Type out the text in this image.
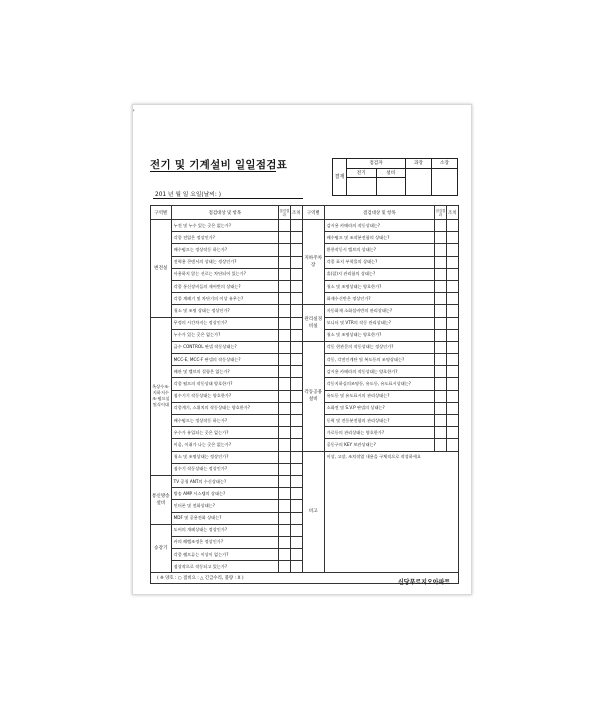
'
전기 및 기계설비 일일점검표
201 년 월 일 요일(날씨: )
결재	점검자		과장	소장
	전기	설비		

구역별	점검대상 및 항목	점검결과	조치	구역별	점검대상 및 항목	점검결과	조치
변전실	누전 및 누수 있는 곳은 없는가?			지하주차장	감시용 카메라의 작동상태는?		
	각종 전압은 정상인가?				배수펌프 및 조작분전함의 상태는?		
	배수펌프는 정상작동 하는가?				환풍작동시 밸브의 상태는?		
	전력용 콘덴서의 상태는 정상인가?				각종 표지 부착물의 상태는?		
	사용하지 않는 선로는 차단되어 있는가?				휴(잡)지 관리함의 상태는?		
	각종 통신장비들의 제어반의 상태는?				청소 및 조명상태는 양호한가?		
	각종 계폐기 및 차단기의 이상 유무는?				화재수신반은 정상인가?		
	청소 및 조명 상태는 정상인가?			관리실경비실	자동화재 소화설비반의 관리상태는?		
옥상수조·지하저수조·펌프실및식이대	무정의 시간차지는 정상인가?				모니터 및 VTR의 작동 관리상태는?		
	누수가 있는 곳은 없는가?				청소 및 조명상태는 양호한가?		
	급수 CONTROL 판넬 작동상태는?			각동공용설비	각동 현관문의 작동상태는 정상인가?		
	MCC-E, MCC-F 판넬의 작동상태는?				각동, 각전인계단 및 복도등의 조명상태는?		
	배관 및 밸브의 결함은 없는가?				감시용 카메라의 작동상태는 양호한가?		
	각종 펌프의 작동상태 양호한가?				각동지하실의조명등, 유도등, 유도표시상태는?		
	점수기기 작동상태는 양호한가?				유도등 및 유도표시의 관리상태는?		
	각종계기, 스위치의 작동상태는 양호한가?				소화전 및 S.V.P 판넬의 상태는?		
	배수펌프는 정상작동 하는가?				동력 및 전등분전함의 관리상태는?		
	우수가 유입되는 곳은 없는가?				가로등의 관리상태는 양호한가?		
	이음, 이취가 나는 곳은 없는가?				공동구의 KEY 보관상태는?		
	청소 및 조명상태는 정상인가?			비고	이상, 고장, 조치작업 내용을 구체적으로 작성하세요		
	점수기 작동상태는 정상인가?						
통신방송설비	TV 공청 ANT의 수신상태는?						
	방송 AMP 시스템의 상태는?						
	인터폰 및 전화상태는?						
	MDF 및 공용전화 상태는?						
승강기	도어의 개폐상태는 정상인가?						
	카의 레벨조정은 정상인가?						
	각종 램프류는 이상이 없는가?						
	점상작으로 작동되고 있는가?						
( ※ 양호 : ○ 점비요 : △ 긴급수리, 불량 : X )							
신당푸르지오아파트
